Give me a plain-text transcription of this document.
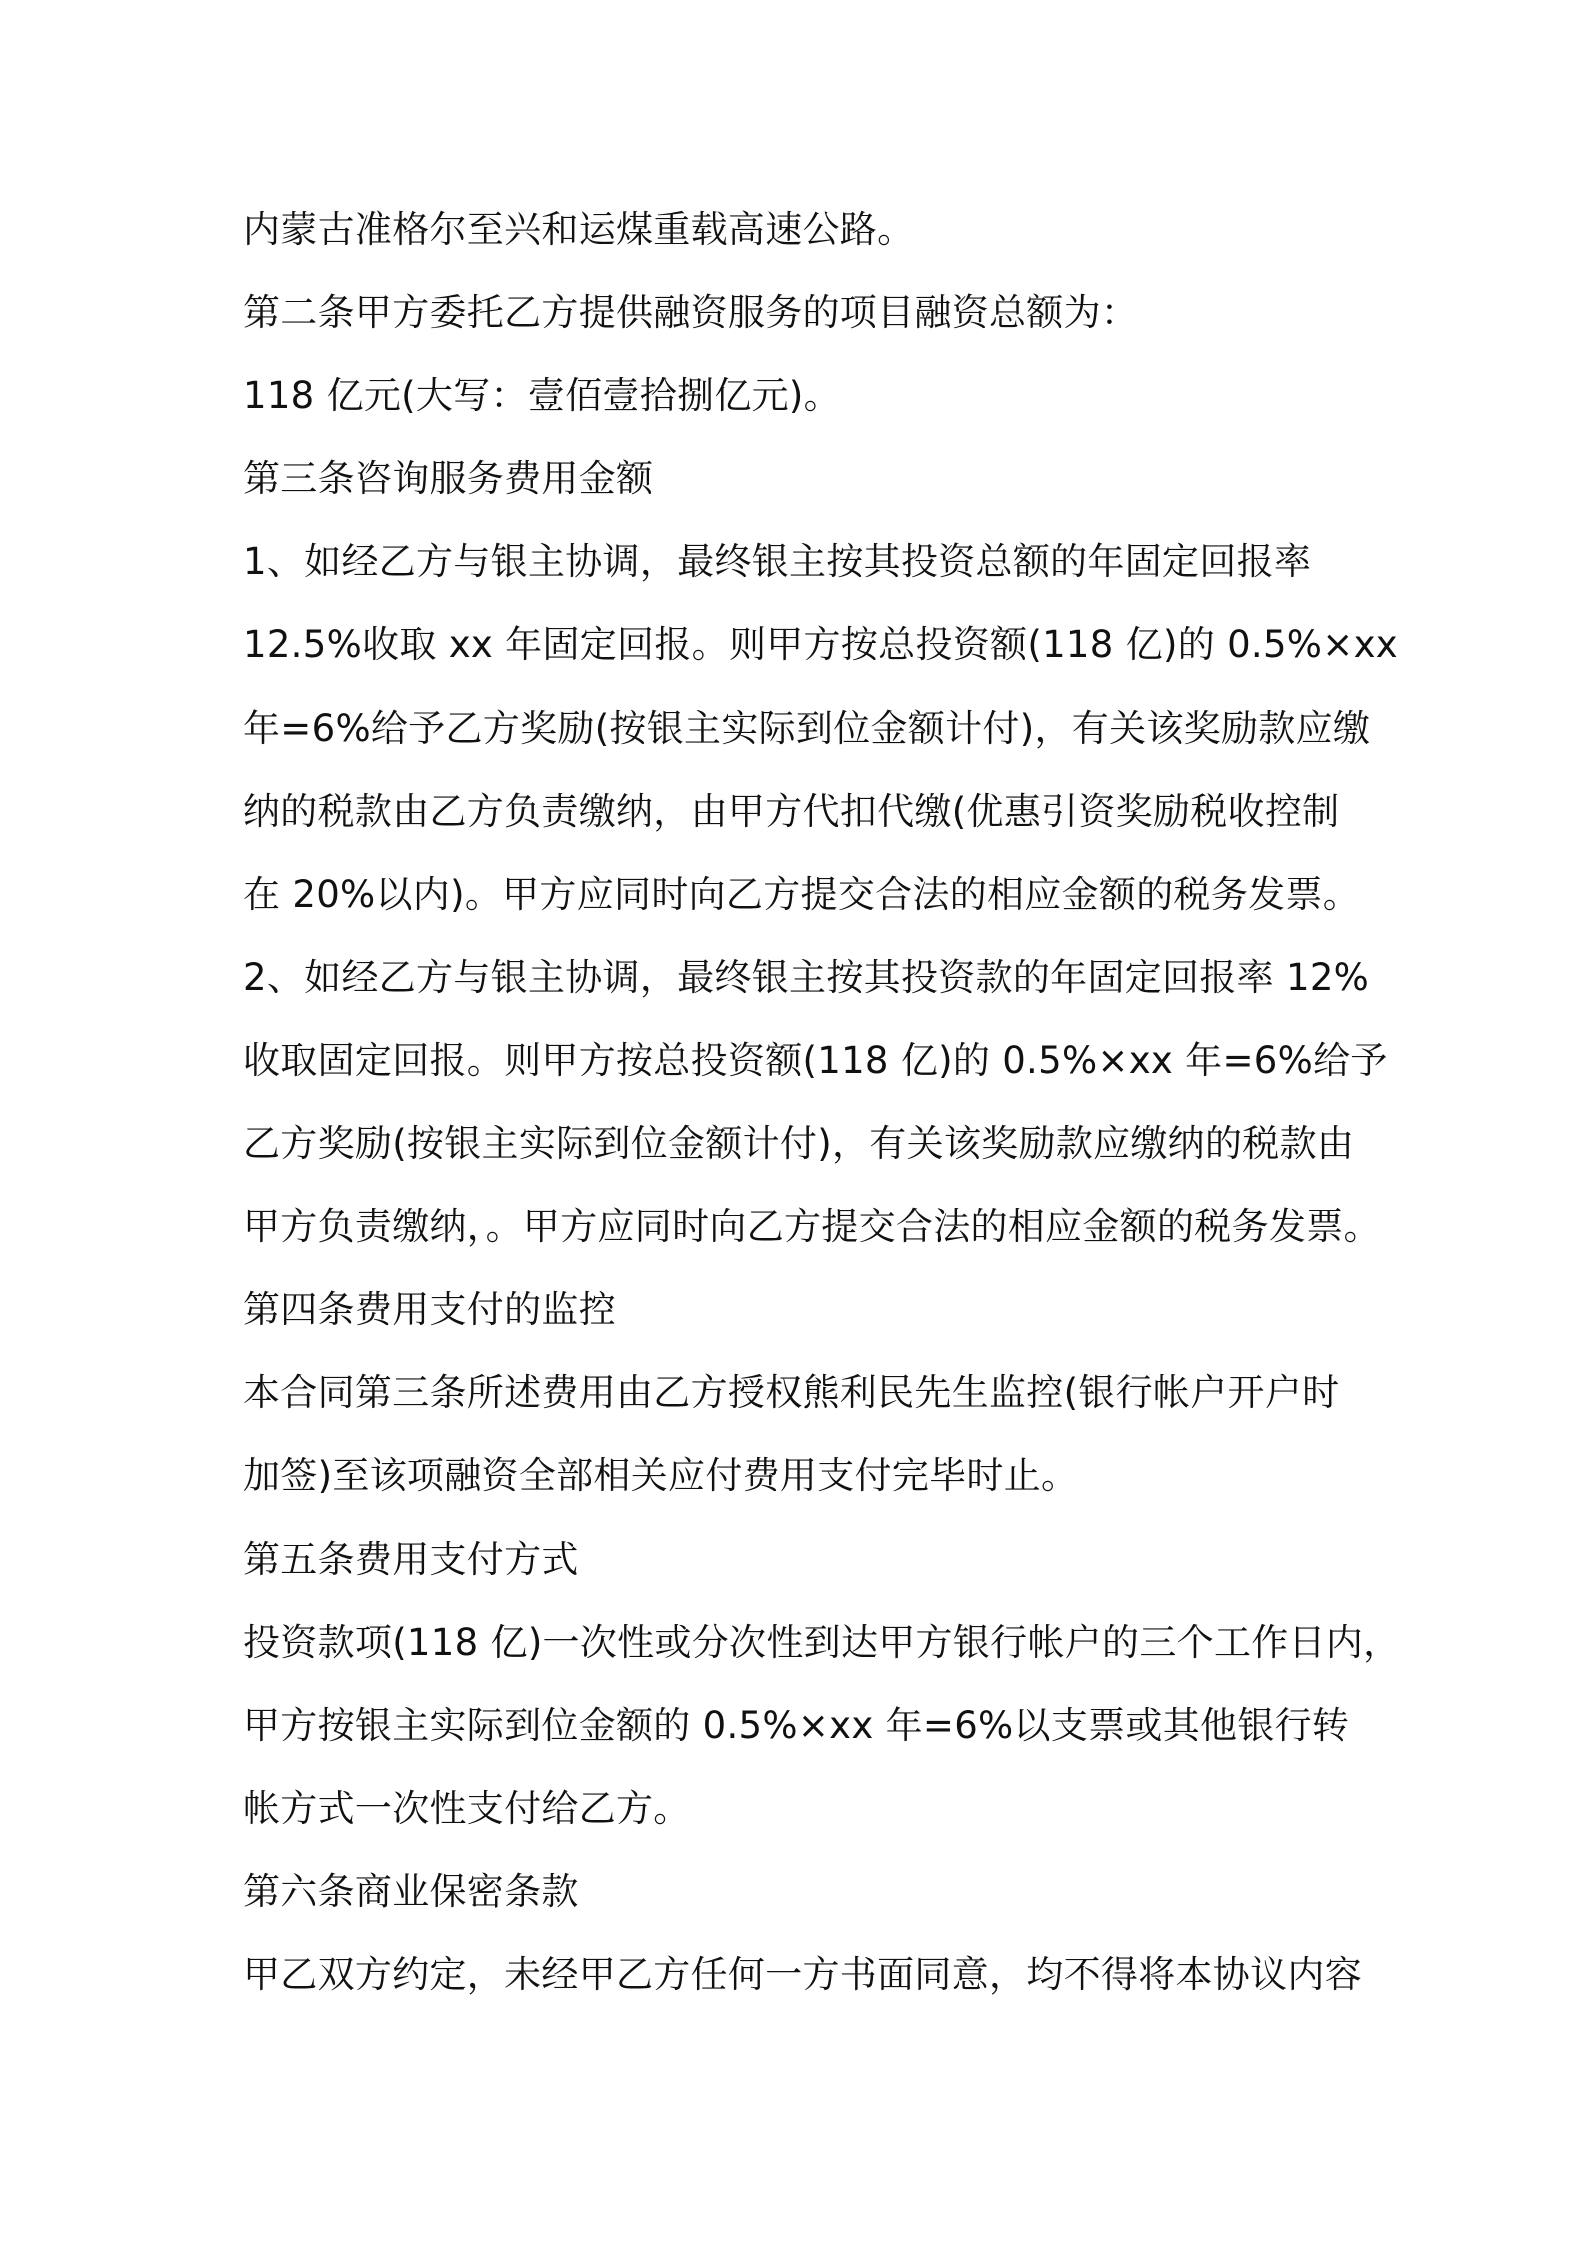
内蒙古准格尔至兴和运煤重载高速公路。
第二条甲方委托乙方提供融资服务的项目融资总额为：
118 亿元(大写：壹佰壹拾捌亿元)。
第三条咨询服务费用金额
1、如经乙方与银主协调，最终银主按其投资总额的年固定回报率
12.5%收取 xx 年固定回报。则甲方按总投资额(118 亿)的 0.5%×xx
年=6%给予乙方奖励(按银主实际到位金额计付)，有关该奖励款应缴
纳的税款由乙方负责缴纳，由甲方代扣代缴(优惠引资奖励税收控制
在 20%以内)。甲方应同时向乙方提交合法的相应金额的税务发票。
2、如经乙方与银主协调，最终银主按其投资款的年固定回报率 12%
收取固定回报。则甲方按总投资额(118 亿)的 0.5%×xx 年=6%给予
乙方奖励(按银主实际到位金额计付)，有关该奖励款应缴纳的税款由
甲方负责缴纳，。甲方应同时向乙方提交合法的相应金额的税务发票。
第四条费用支付的监控
本合同第三条所述费用由乙方授权熊利民先生监控(银行帐户开户时
加签)至该项融资全部相关应付费用支付完毕时止。
第五条费用支付方式
投资款项(118 亿)一次性或分次性到达甲方银行帐户的三个工作日内，
甲方按银主实际到位金额的 0.5%×xx 年=6%以支票或其他银行转
帐方式一次性支付给乙方。
第六条商业保密条款
甲乙双方约定，未经甲乙方任何一方书面同意，均不得将本协议内容
